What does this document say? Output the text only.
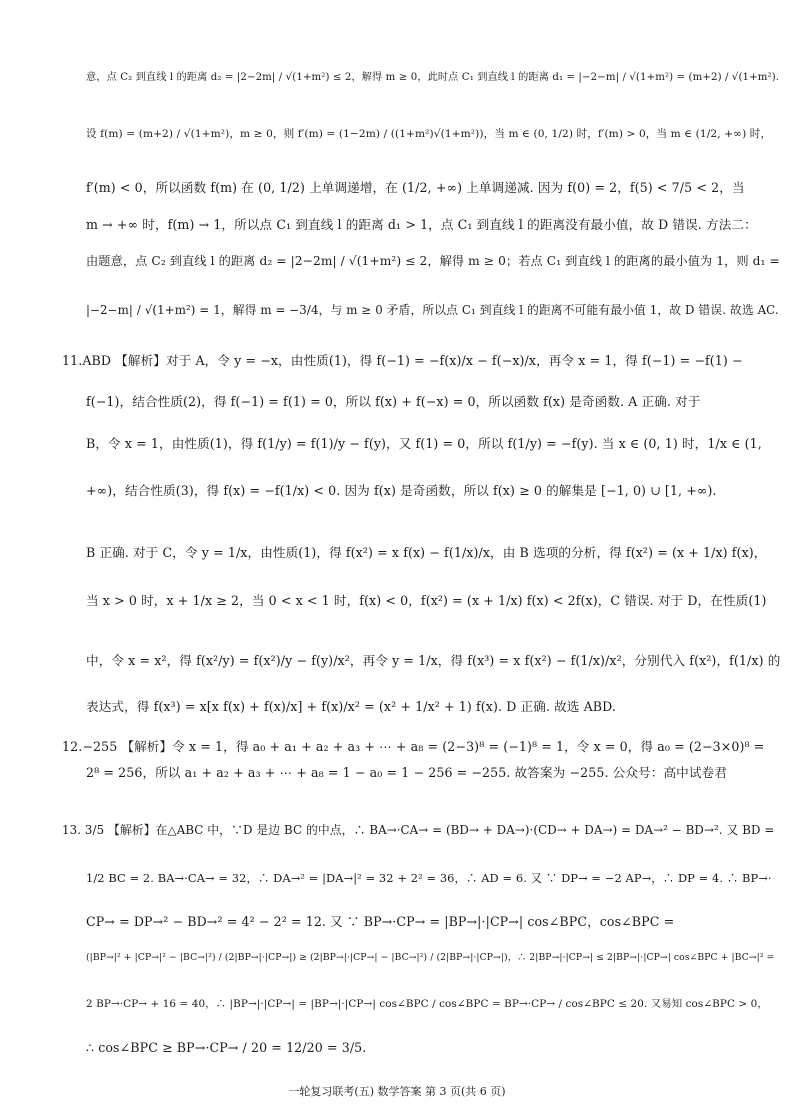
意，点 C₂ 到直线 l 的距离 d₂ = |2−2m| / √(1+m²) ≤ 2，解得 m ≥ 0，此时点 C₁ 到直线 l 的距离 d₁ = |−2−m| / √(1+m²) = (m+2) / √(1+m²).
设 f(m) = (m+2) / √(1+m²)，m ≥ 0，则 f′(m) = (1−2m) / ((1+m²)√(1+m²))，当 m ∈ (0, 1/2) 时，f′(m) > 0，当 m ∈ (1/2, +∞) 时，
f′(m) < 0，所以函数 f(m) 在 (0, 1/2) 上单调递增，在 (1/2, +∞) 上单调递减. 因为 f(0) = 2，f(5) < 7/5 < 2，当
m → +∞ 时，f(m) → 1，所以点 C₁ 到直线 l 的距离 d₁ > 1，点 C₁ 到直线 l 的距离没有最小值，故 D 错误. 方法二：
由题意，点 C₂ 到直线 l 的距离 d₂ = |2−2m| / √(1+m²) ≤ 2，解得 m ≥ 0；若点 C₁ 到直线 l 的距离的最小值为 1，则 d₁ =
|−2−m| / √(1+m²) = 1，解得 m = −3/4，与 m ≥ 0 矛盾，所以点 C₁ 到直线 l 的距离不可能有最小值 1，故 D 错误. 故选 AC.
11.ABD 【解析】对于 A，令 y = −x，由性质(1)，得 f(−1) = −f(x)/x − f(−x)/x，再令 x = 1，得 f(−1) = −f(1) −
f(−1)，结合性质(2)，得 f(−1) = f(1) = 0，所以 f(x) + f(−x) = 0，所以函数 f(x) 是奇函数. A 正确. 对于
B，令 x = 1，由性质(1)，得 f(1/y) = f(1)/y − f(y)，又 f(1) = 0，所以 f(1/y) = −f(y). 当 x ∈ (0, 1) 时，1/x ∈ (1,
+∞)，结合性质(3)，得 f(x) = −f(1/x) < 0. 因为 f(x) 是奇函数，所以 f(x) ≥ 0 的解集是 [−1, 0) ∪ [1, +∞).
B 正确. 对于 C，令 y = 1/x，由性质(1)，得 f(x²) = x f(x) − f(1/x)/x，由 B 选项的分析，得 f(x²) = (x + 1/x) f(x)，
当 x > 0 时，x + 1/x ≥ 2，当 0 < x < 1 时，f(x) < 0，f(x²) = (x + 1/x) f(x) < 2f(x)，C 错误. 对于 D，在性质(1)
中，令 x = x²，得 f(x²/y) = f(x²)/y − f(y)/x²，再令 y = 1/x，得 f(x³) = x f(x²) − f(1/x)/x²，分别代入 f(x²)，f(1/x) 的
表达式，得 f(x³) = x[x f(x) + f(x)/x] + f(x)/x² = (x² + 1/x² + 1) f(x). D 正确. 故选 ABD.
12.−255 【解析】令 x = 1，得 a₀ + a₁ + a₂ + a₃ + ⋯ + a₈ = (2−3)⁸ = (−1)⁸ = 1，令 x = 0，得 a₀ = (2−3×0)⁸ =
2⁸ = 256，所以 a₁ + a₂ + a₃ + ⋯ + a₈ = 1 − a₀ = 1 − 256 = −255. 故答案为 −255. 公众号：高中试卷君
13. 3/5 【解析】在△ABC 中，∵D 是边 BC 的中点，∴ BA→·CA→ = (BD→ + DA→)·(CD→ + DA→) = DA→² − BD→². 又 BD =
1/2 BC = 2. BA→·CA→ = 32，∴ DA→² = |DA→|² = 32 + 2² = 36，∴ AD = 6. 又 ∵ DP→ = −2 AP→，∴ DP = 4. ∴ BP→·
CP→ = DP→² − BD→² = 4² − 2² = 12. 又 ∵ BP→·CP→ = |BP→|·|CP→| cos∠BPC，cos∠BPC =
(|BP→|² + |CP→|² − |BC→|²) / (2|BP→|·|CP→|) ≥ (2|BP→|·|CP→| − |BC→|²) / (2|BP→|·|CP→|)，∴ 2|BP→|·|CP→| ≤ 2|BP→|·|CP→| cos∠BPC + |BC→|² =
2 BP→·CP→ + 16 = 40，∴ |BP→|·|CP→| = |BP→|·|CP→| cos∠BPC / cos∠BPC = BP→·CP→ / cos∠BPC ≤ 20. 又易知 cos∠BPC > 0，
∴ cos∠BPC ≥ BP→·CP→ / 20 = 12/20 = 3/5.
一轮复习联考(五) 数学答案 第 3 页(共 6 页)
